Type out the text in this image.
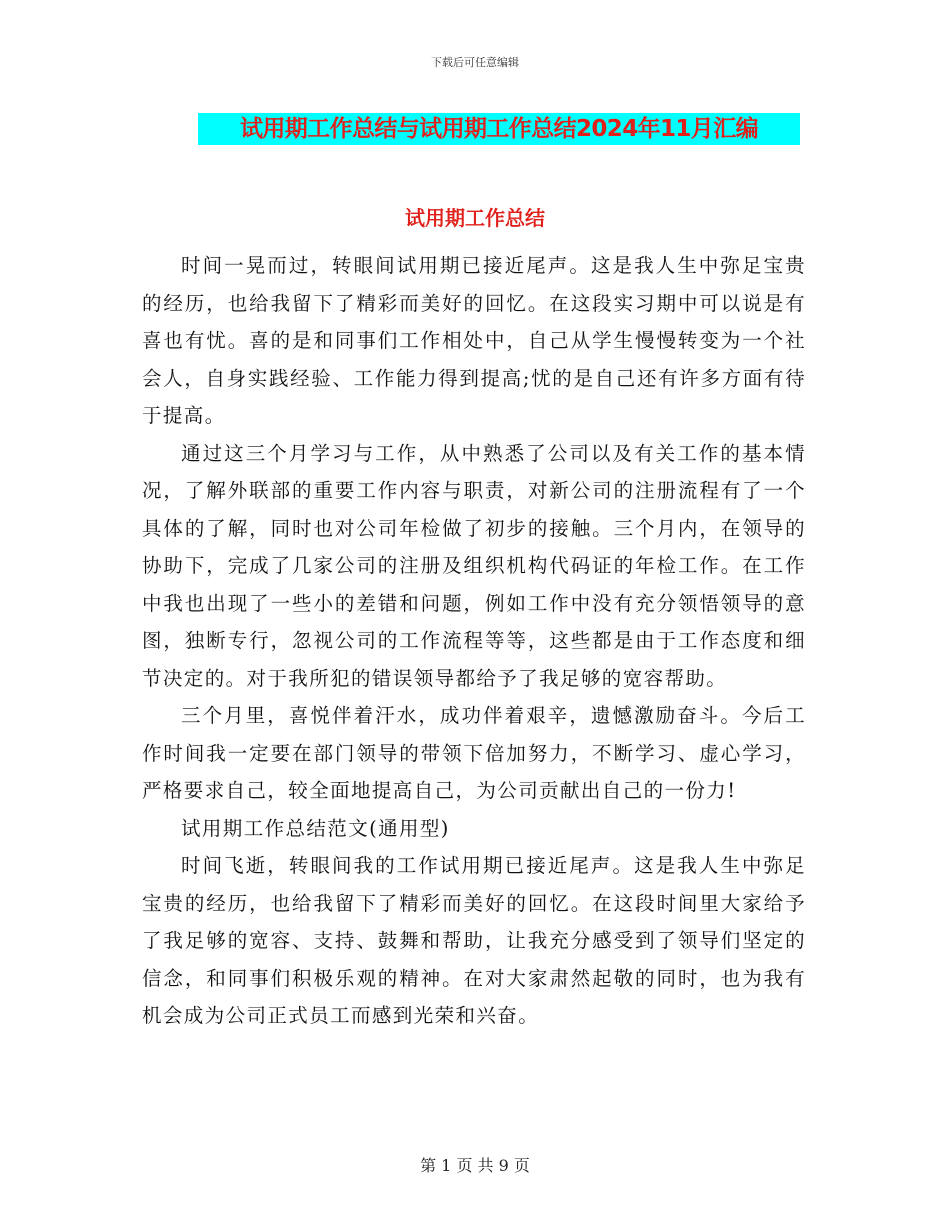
下载后可任意编辑
试用期工作总结与试用期工作总结2024年11月汇编
试用期工作总结

时间一晃而过，转眼间试用期已接近尾声。这是我人生中弥足宝贵的经历，也给我留下了精彩而美好的回忆。在这段实习期中可以说是有喜也有忧。喜的是和同事们工作相处中，自己从学生慢慢转变为一个社会人，自身实践经验、工作能力得到提高;忧的是自己还有许多方面有待于提高。

通过这三个月学习与工作，从中熟悉了公司以及有关工作的基本情况，了解外联部的重要工作内容与职责，对新公司的注册流程有了一个具体的了解，同时也对公司年检做了初步的接触。三个月内，在领导的协助下，完成了几家公司的注册及组织机构代码证的年检工作。在工作中我也出现了一些小的差错和问题，例如工作中没有充分领悟领导的意图，独断专行，忽视公司的工作流程等等，这些都是由于工作态度和细节决定的。对于我所犯的错误领导都给予了我足够的宽容帮助。

三个月里，喜悦伴着汗水，成功伴着艰辛，遗憾激励奋斗。今后工作时间我一定要在部门领导的带领下倍加努力，不断学习、虚心学习，严格要求自己，较全面地提高自己，为公司贡献出自己的一份力!

试用期工作总结范文(通用型)

时间飞逝，转眼间我的工作试用期已接近尾声。这是我人生中弥足宝贵的经历，也给我留下了精彩而美好的回忆。在这段时间里大家给予了我足够的宽容、支持、鼓舞和帮助，让我充分感受到了领导们坚定的信念，和同事们积极乐观的精神。在对大家肃然起敬的同时，也为我有机会成为公司正式员工而感到光荣和兴奋。

第 1 页 共 9 页
